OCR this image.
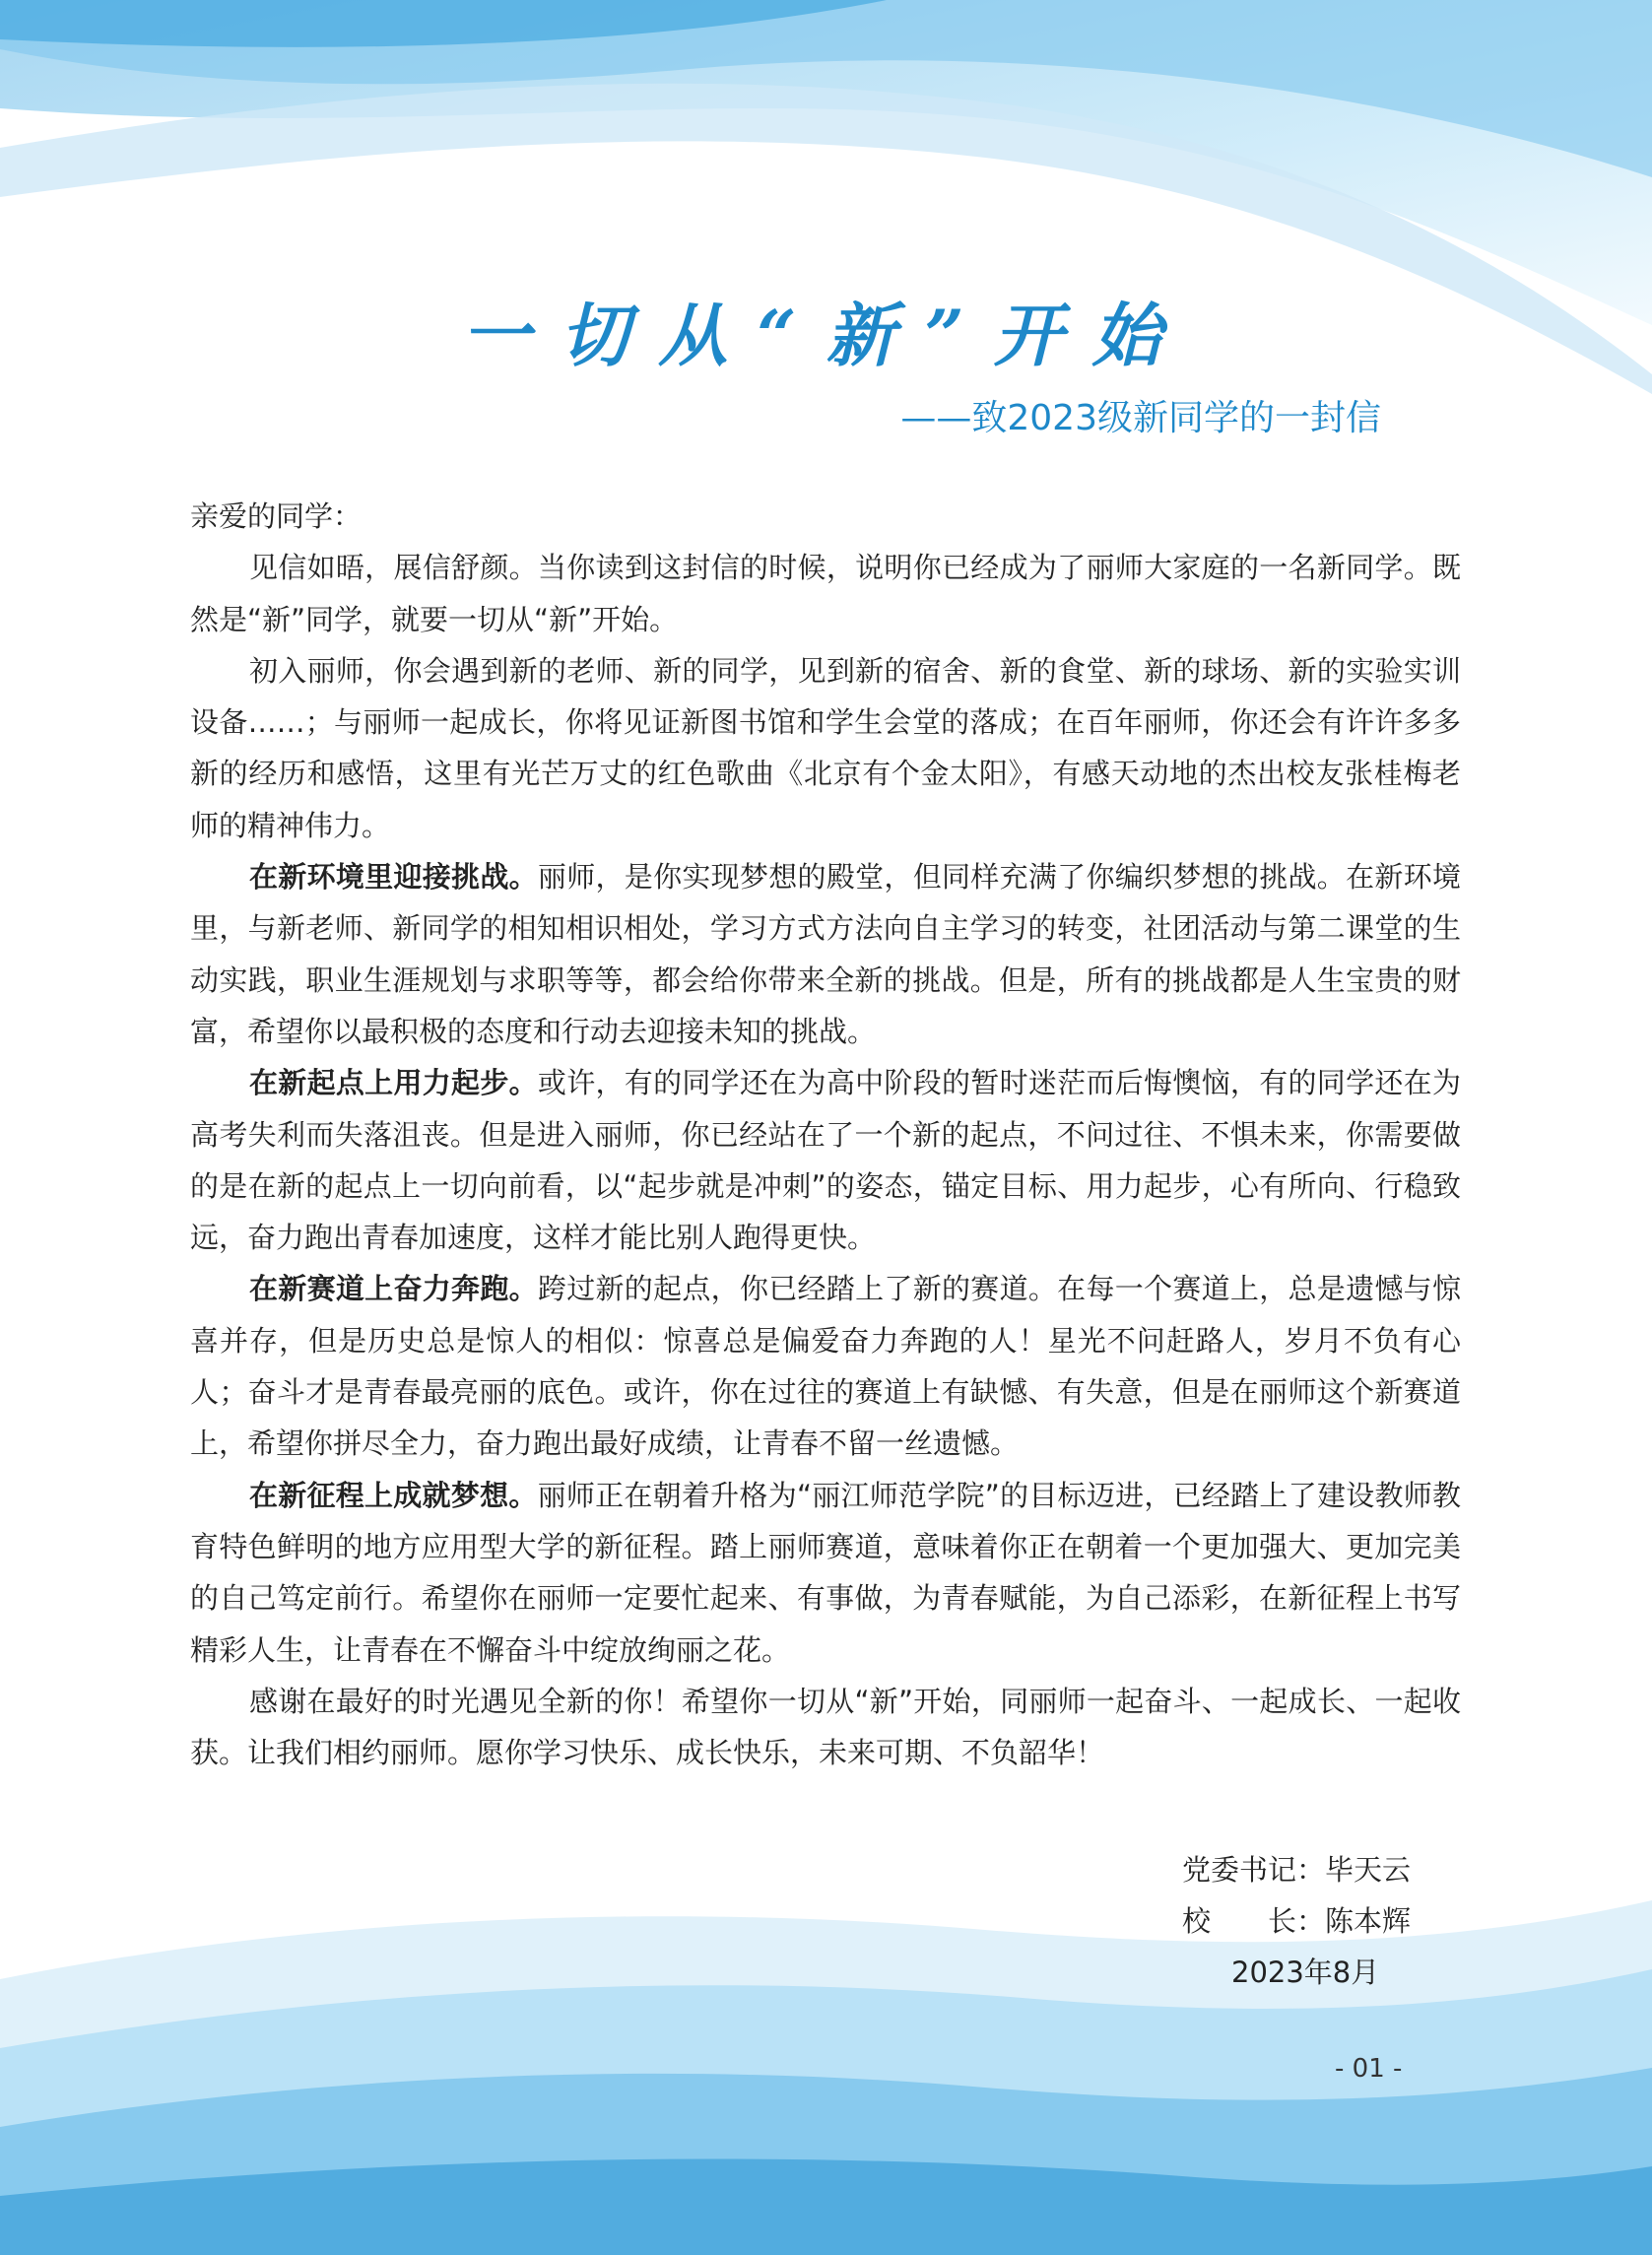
一切从“新”开始
——致2023级新同学的一封信

亲爱的同学：

见信如晤，展信舒颜。当你读到这封信的时候，说明你已经成为了丽师大家庭的一名新同学。既然是“新”同学，就要一切从“新”开始。

初入丽师，你会遇到新的老师、新的同学，见到新的宿舍、新的食堂、新的球场、新的实验实训设备……；与丽师一起成长，你将见证新图书馆和学生会堂的落成；在百年丽师，你还会有许许多多新的经历和感悟，这里有光芒万丈的红色歌曲《北京有个金太阳》，有感天动地的杰出校友张桂梅老师的精神伟力。

在新环境里迎接挑战。丽师，是你实现梦想的殿堂，但同样充满了你编织梦想的挑战。在新环境里，与新老师、新同学的相知相识相处，学习方式方法向自主学习的转变，社团活动与第二课堂的生动实践，职业生涯规划与求职等等，都会给你带来全新的挑战。但是，所有的挑战都是人生宝贵的财富，希望你以最积极的态度和行动去迎接未知的挑战。

在新起点上用力起步。或许，有的同学还在为高中阶段的暂时迷茫而后悔懊恼，有的同学还在为高考失利而失落沮丧。但是进入丽师，你已经站在了一个新的起点，不问过往、不惧未来，你需要做的是在新的起点上一切向前看，以“起步就是冲刺”的姿态，锚定目标、用力起步，心有所向、行稳致远，奋力跑出青春加速度，这样才能比别人跑得更快。

在新赛道上奋力奔跑。跨过新的起点，你已经踏上了新的赛道。在每一个赛道上，总是遗憾与惊喜并存，但是历史总是惊人的相似：惊喜总是偏爱奋力奔跑的人！星光不问赶路人，岁月不负有心人；奋斗才是青春最亮丽的底色。或许，你在过往的赛道上有缺憾、有失意，但是在丽师这个新赛道上，希望你拼尽全力，奋力跑出最好成绩，让青春不留一丝遗憾。

在新征程上成就梦想。丽师正在朝着升格为“丽江师范学院”的目标迈进，已经踏上了建设教师教育特色鲜明的地方应用型大学的新征程。踏上丽师赛道，意味着你正在朝着一个更加强大、更加完美的自己笃定前行。希望你在丽师一定要忙起来、有事做，为青春赋能，为自己添彩，在新征程上书写精彩人生，让青春在不懈奋斗中绽放绚丽之花。

感谢在最好的时光遇见全新的你！希望你一切从“新”开始，同丽师一起奋斗、一起成长、一起收获。让我们相约丽师。愿你学习快乐、成长快乐，未来可期、不负韶华！

党委书记：毕天云
校　　长：陈本辉
2023年8月
- 01 -
